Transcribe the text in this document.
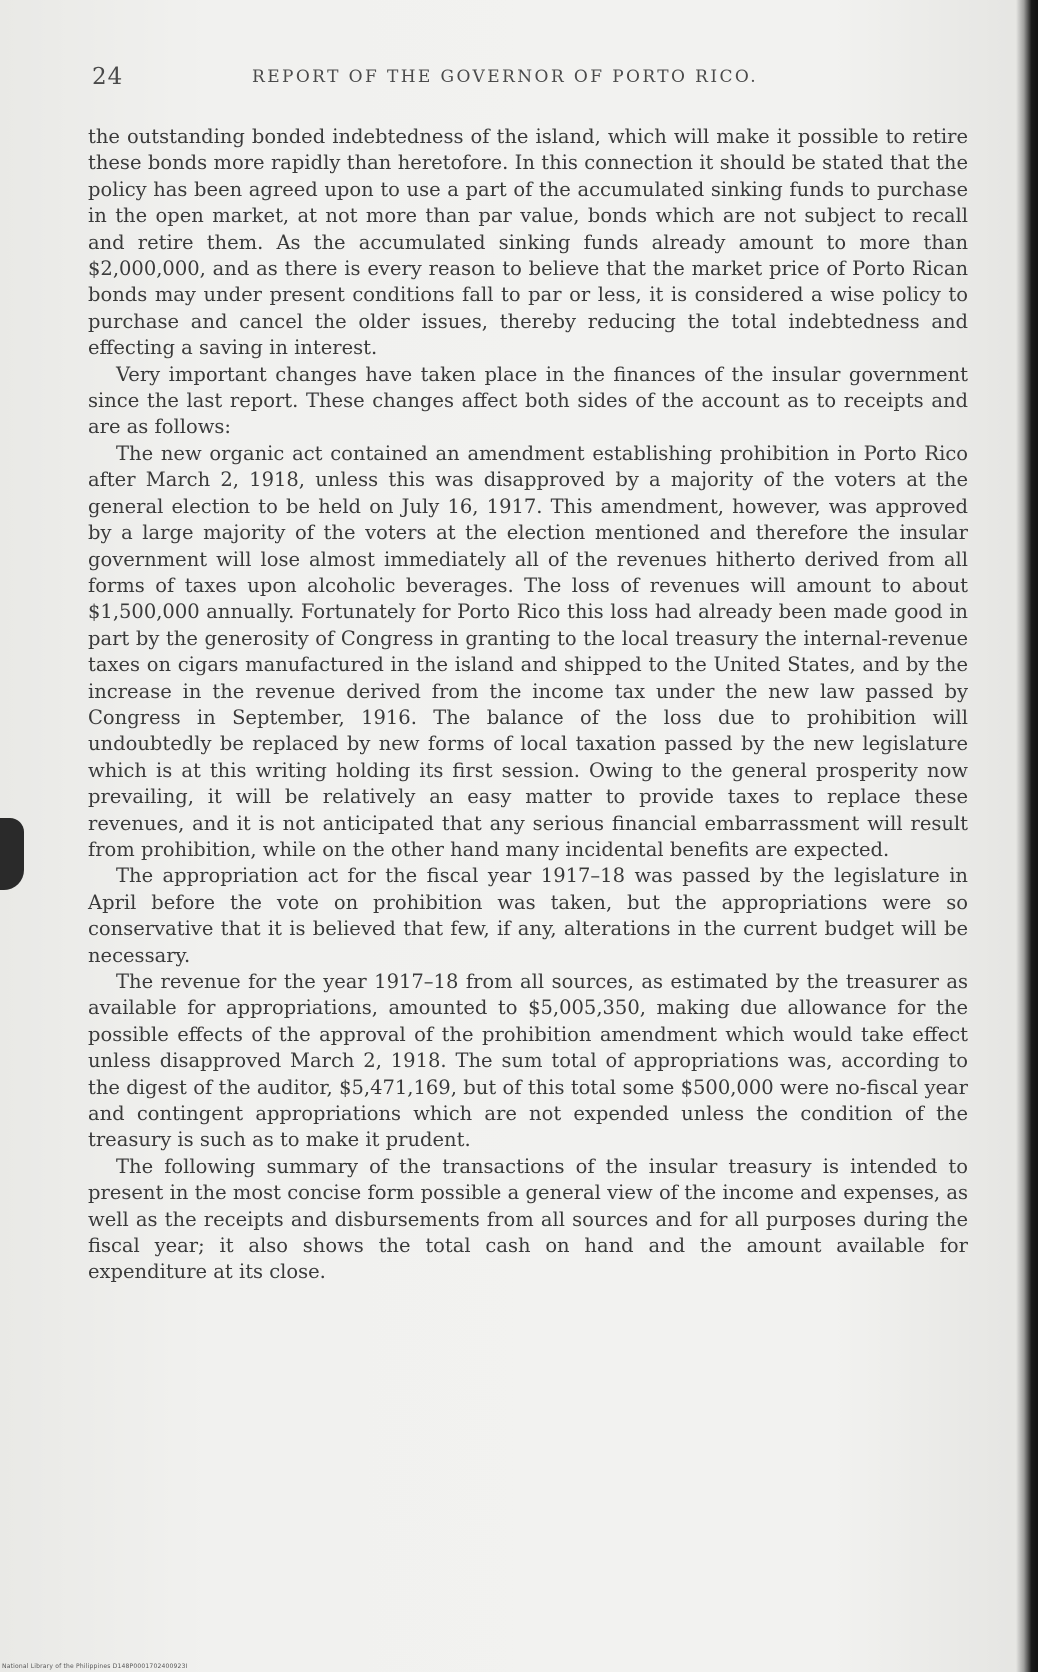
24	REPORT OF THE GOVERNOR OF PORTO RICO.

the outstanding bonded indebtedness of the island, which will make it possible to retire these bonds more rapidly than heretofore. In this connection it should be stated that the policy has been agreed upon to use a part of the accumulated sinking funds to purchase in the open market, at not more than par value, bonds which are not subject to recall and retire them. As the accumulated sinking funds already amount to more than $2,000,000, and as there is every reason to believe that the market price of Porto Rican bonds may under present conditions fall to par or less, it is considered a wise policy to purchase and cancel the older issues, thereby reducing the total indebtedness and effecting a saving in interest.

Very important changes have taken place in the finances of the insular government since the last report. These changes affect both sides of the account as to receipts and are as follows:

The new organic act contained an amendment establishing prohibition in Porto Rico after March 2, 1918, unless this was disapproved by a majority of the voters at the general election to be held on July 16, 1917. This amendment, however, was approved by a large majority of the voters at the election mentioned and therefore the insular government will lose almost immediately all of the revenues hitherto derived from all forms of taxes upon alcoholic beverages. The loss of revenues will amount to about $1,500,000 annually. Fortunately for Porto Rico this loss had already been made good in part by the generosity of Congress in granting to the local treasury the internal-revenue taxes on cigars manufactured in the island and shipped to the United States, and by the increase in the revenue derived from the income tax under the new law passed by Congress in September, 1916. The balance of the loss due to prohibition will undoubtedly be replaced by new forms of local taxation passed by the new legislature which is at this writing holding its first session. Owing to the general prosperity now prevailing, it will be relatively an easy matter to provide taxes to replace these revenues, and it is not anticipated that any serious financial embarrassment will result from prohibition, while on the other hand many incidental benefits are expected.

The appropriation act for the fiscal year 1917–18 was passed by the legislature in April before the vote on prohibition was taken, but the appropriations were so conservative that it is believed that few, if any, alterations in the current budget will be necessary.

The revenue for the year 1917–18 from all sources, as estimated by the treasurer as available for appropriations, amounted to $5,005,350, making due allowance for the possible effects of the approval of the prohibition amendment which would take effect unless disapproved March 2, 1918. The sum total of appropriations was, according to the digest of the auditor, $5,471,169, but of this total some $500,000 were no-fiscal year and contingent appropriations which are not expended unless the condition of the treasury is such as to make it prudent.

The following summary of the transactions of the insular treasury is intended to present in the most concise form possible a general view of the income and expenses, as well as the receipts and disbursements from all sources and for all purposes during the fiscal year; it also shows the total cash on hand and the amount available for expenditure at its close.

National Library of the Philippines D148P0001702400923I
